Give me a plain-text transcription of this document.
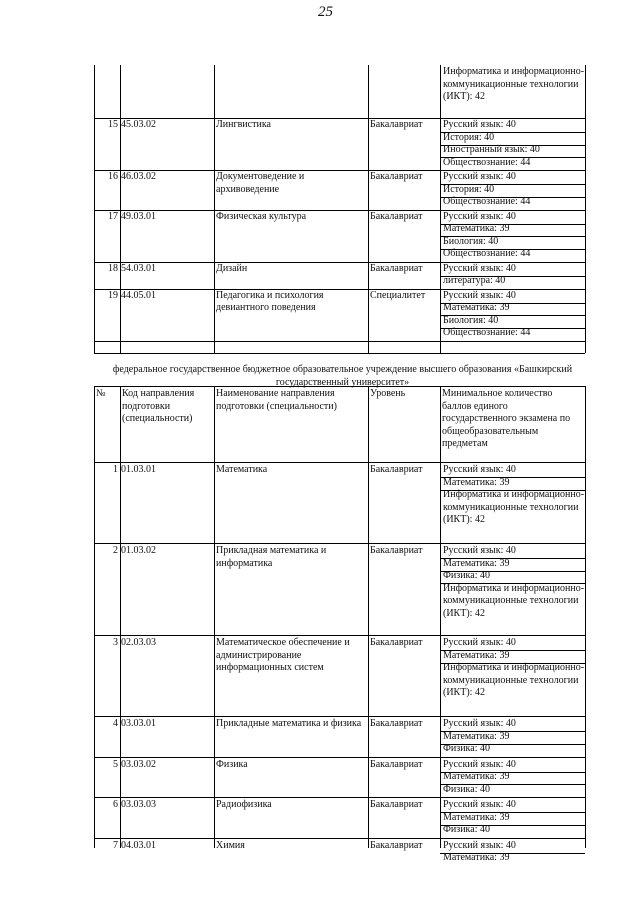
25
Информатика и информационно-
коммуникационные технологии
(ИКТ): 42
15 45.03.02	Лингвистика	Бакалавриат Русский язык: 40
История: 40
Иностранный язык: 40
Обществознание: 44
16 46.03.02	Документоведение и
архивоведение
Бакалавриат Русский язык: 40
История: 40
Обществознание: 44
17 49.03.01	Физическая культура	Бакалавриат Русский язык: 40
Математика: 39
Биология: 40
Обществознание: 44
18 54.03.01	Дизайн	Бакалавриат Русский язык: 40
литература: 40
19 44.05.01	Педагогика и психология
девиантного поведения
Специалитет Русский язык: 40
Математика: 39
Биология: 40
Обществознание: 44
федеральное государственное бюджетное образовательное учреждение высшего образования «Башкирский
государственный университет»
№ Код направления
подготовки
(специальности)
Наименование направления
подготовки (специальности)
Уровень	Минимальное количество
баллов единого
государственного экзамена по
общеобразовательным
предметам
1 01.03.01	Математика	Бакалавриат Русский язык: 40
Математика: 39
Информатика и информационно-
коммуникационные технологии
(ИКТ): 42
2 01.03.02	Прикладная математика и
информатика
Бакалавриат Русский язык: 40
Математика: 39
Физика: 40
Информатика и информационно-
коммуникационные технологии
(ИКТ): 42
3 02.03.03	Математическое обеспечение и
администрирование
информационных систем
Бакалавриат Русский язык: 40
Математика: 39
Информатика и информационно-
коммуникационные технологии
(ИКТ): 42
4 03.03.01	Прикладные математика и физика Бакалавриат Русский язык: 40
Математика: 39
Физика: 40
5 03.03.02	Физика	Бакалавриат Русский язык: 40
Математика: 39
Физика: 40
6 03.03.03	Радиофизика	Бакалавриат Русский язык: 40
Математика: 39
Физика: 40
7 04.03.01	Химия	Бакалавриат Русский язык: 40
Математика: 39
